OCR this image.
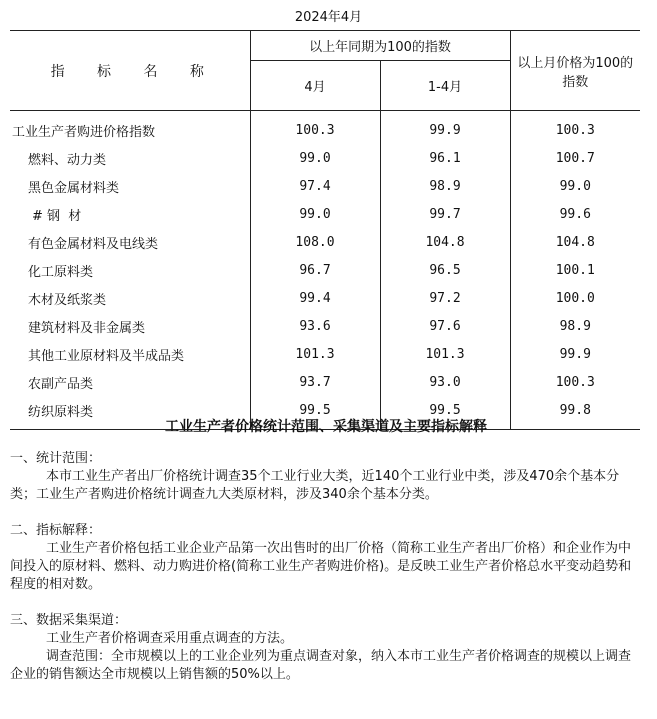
2024年4月
指 标 名 称	以上年同期为100的指数		以上月价格为100的指数
	4月	1-4月	
工业生产者购进价格指数	100.3	99.9	100.3
燃料、动力类	99.0	96.1	100.7
黑色金属材料类	97.4	98.9	99.0
# 钢  材	99.0	99.7	99.6
有色金属材料及电线类	108.0	104.8	104.8
化工原料类	96.7	96.5	100.1
木材及纸浆类	99.4	97.2	100.0
建筑材料及非金属类	93.6	97.6	98.9
其他工业原材料及半成品类	101.3	101.3	99.9
农副产品类	93.7	93.0	100.3
纺织原料类	99.5	99.5	99.8
工业生产者价格统计范围、采集渠道及主要指标解释

一、统计范围：

本市工业生产者出厂价格统计调查35个工业行业大类，近140个工业行业中类，涉及470余个基本分类；工业生产者购进价格统计调查九大类原材料，涉及340余个基本分类。

二、指标解释：

工业生产者价格包括工业企业产品第一次出售时的出厂价格（简称工业生产者出厂价格）和企业作为中间投入的原材料、燃料、动力购进价格(简称工业生产者购进价格)。是反映工业生产者价格总水平变动趋势和程度的相对数。

三、数据采集渠道：

工业生产者价格调查采用重点调查的方法。

调查范围：全市规模以上的工业企业列为重点调查对象，纳入本市工业生产者价格调查的规模以上调查企业的销售额达全市规模以上销售额的50%以上。
